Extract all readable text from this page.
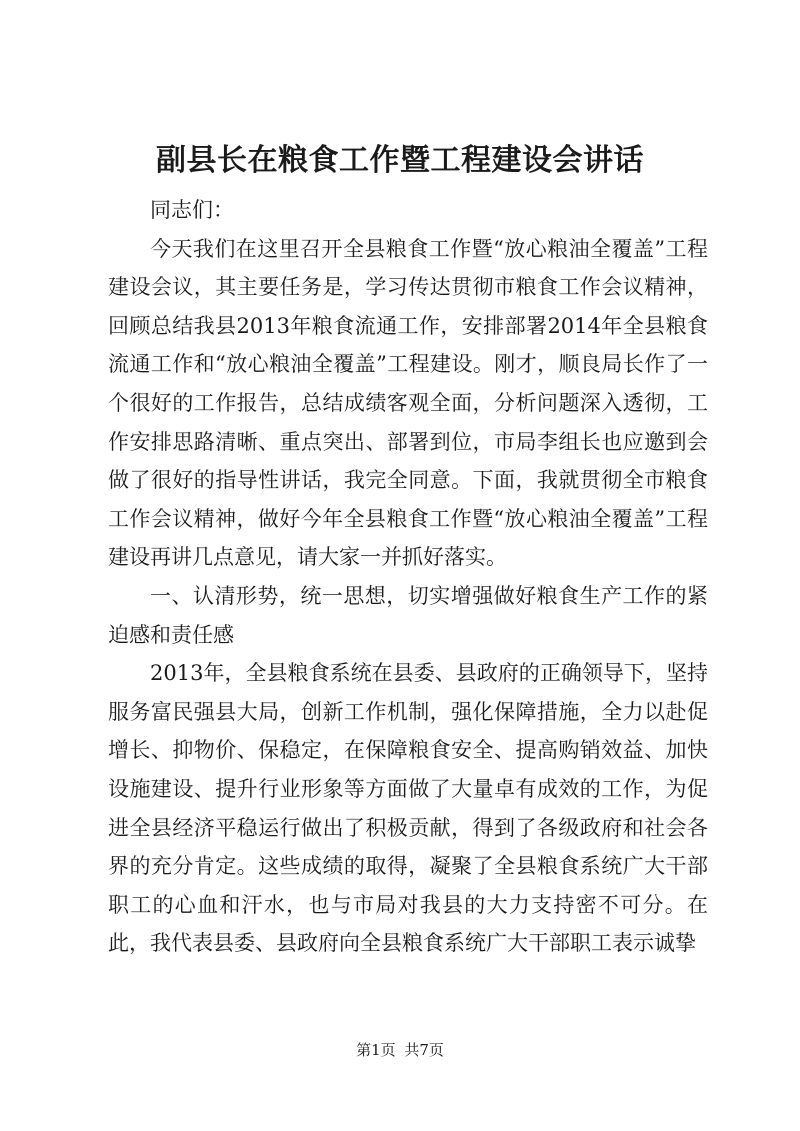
副县长在粮食工作暨工程建设会讲话

同志们：

今天我们在这里召开全县粮食工作暨“放心粮油全覆盖”工程建设会议，其主要任务是，学习传达贯彻市粮食工作会议精神，回顾总结我县2013年粮食流通工作，安排部署2014年全县粮食流通工作和“放心粮油全覆盖”工程建设。刚才，顺良局长作了一个很好的工作报告，总结成绩客观全面，分析问题深入透彻，工作安排思路清晰、重点突出、部署到位，市局李组长也应邀到会做了很好的指导性讲话，我完全同意。下面，我就贯彻全市粮食工作会议精神，做好今年全县粮食工作暨“放心粮油全覆盖”工程建设再讲几点意见，请大家一并抓好落实。

一、认清形势，统一思想，切实增强做好粮食生产工作的紧迫感和责任感

2013年，全县粮食系统在县委、县政府的正确领导下，坚持服务富民强县大局，创新工作机制，强化保障措施，全力以赴促增长、抑物价、保稳定，在保障粮食安全、提高购销效益、加快设施建设、提升行业形象等方面做了大量卓有成效的工作，为促进全县经济平稳运行做出了积极贡献，得到了各级政府和社会各界的充分肯定。这些成绩的取得，凝聚了全县粮食系统广大干部职工的心血和汗水，也与市局对我县的大力支持密不可分。在此，我代表县委、县政府向全县粮食系统广大干部职工表示诚挚

第1页 共7页
